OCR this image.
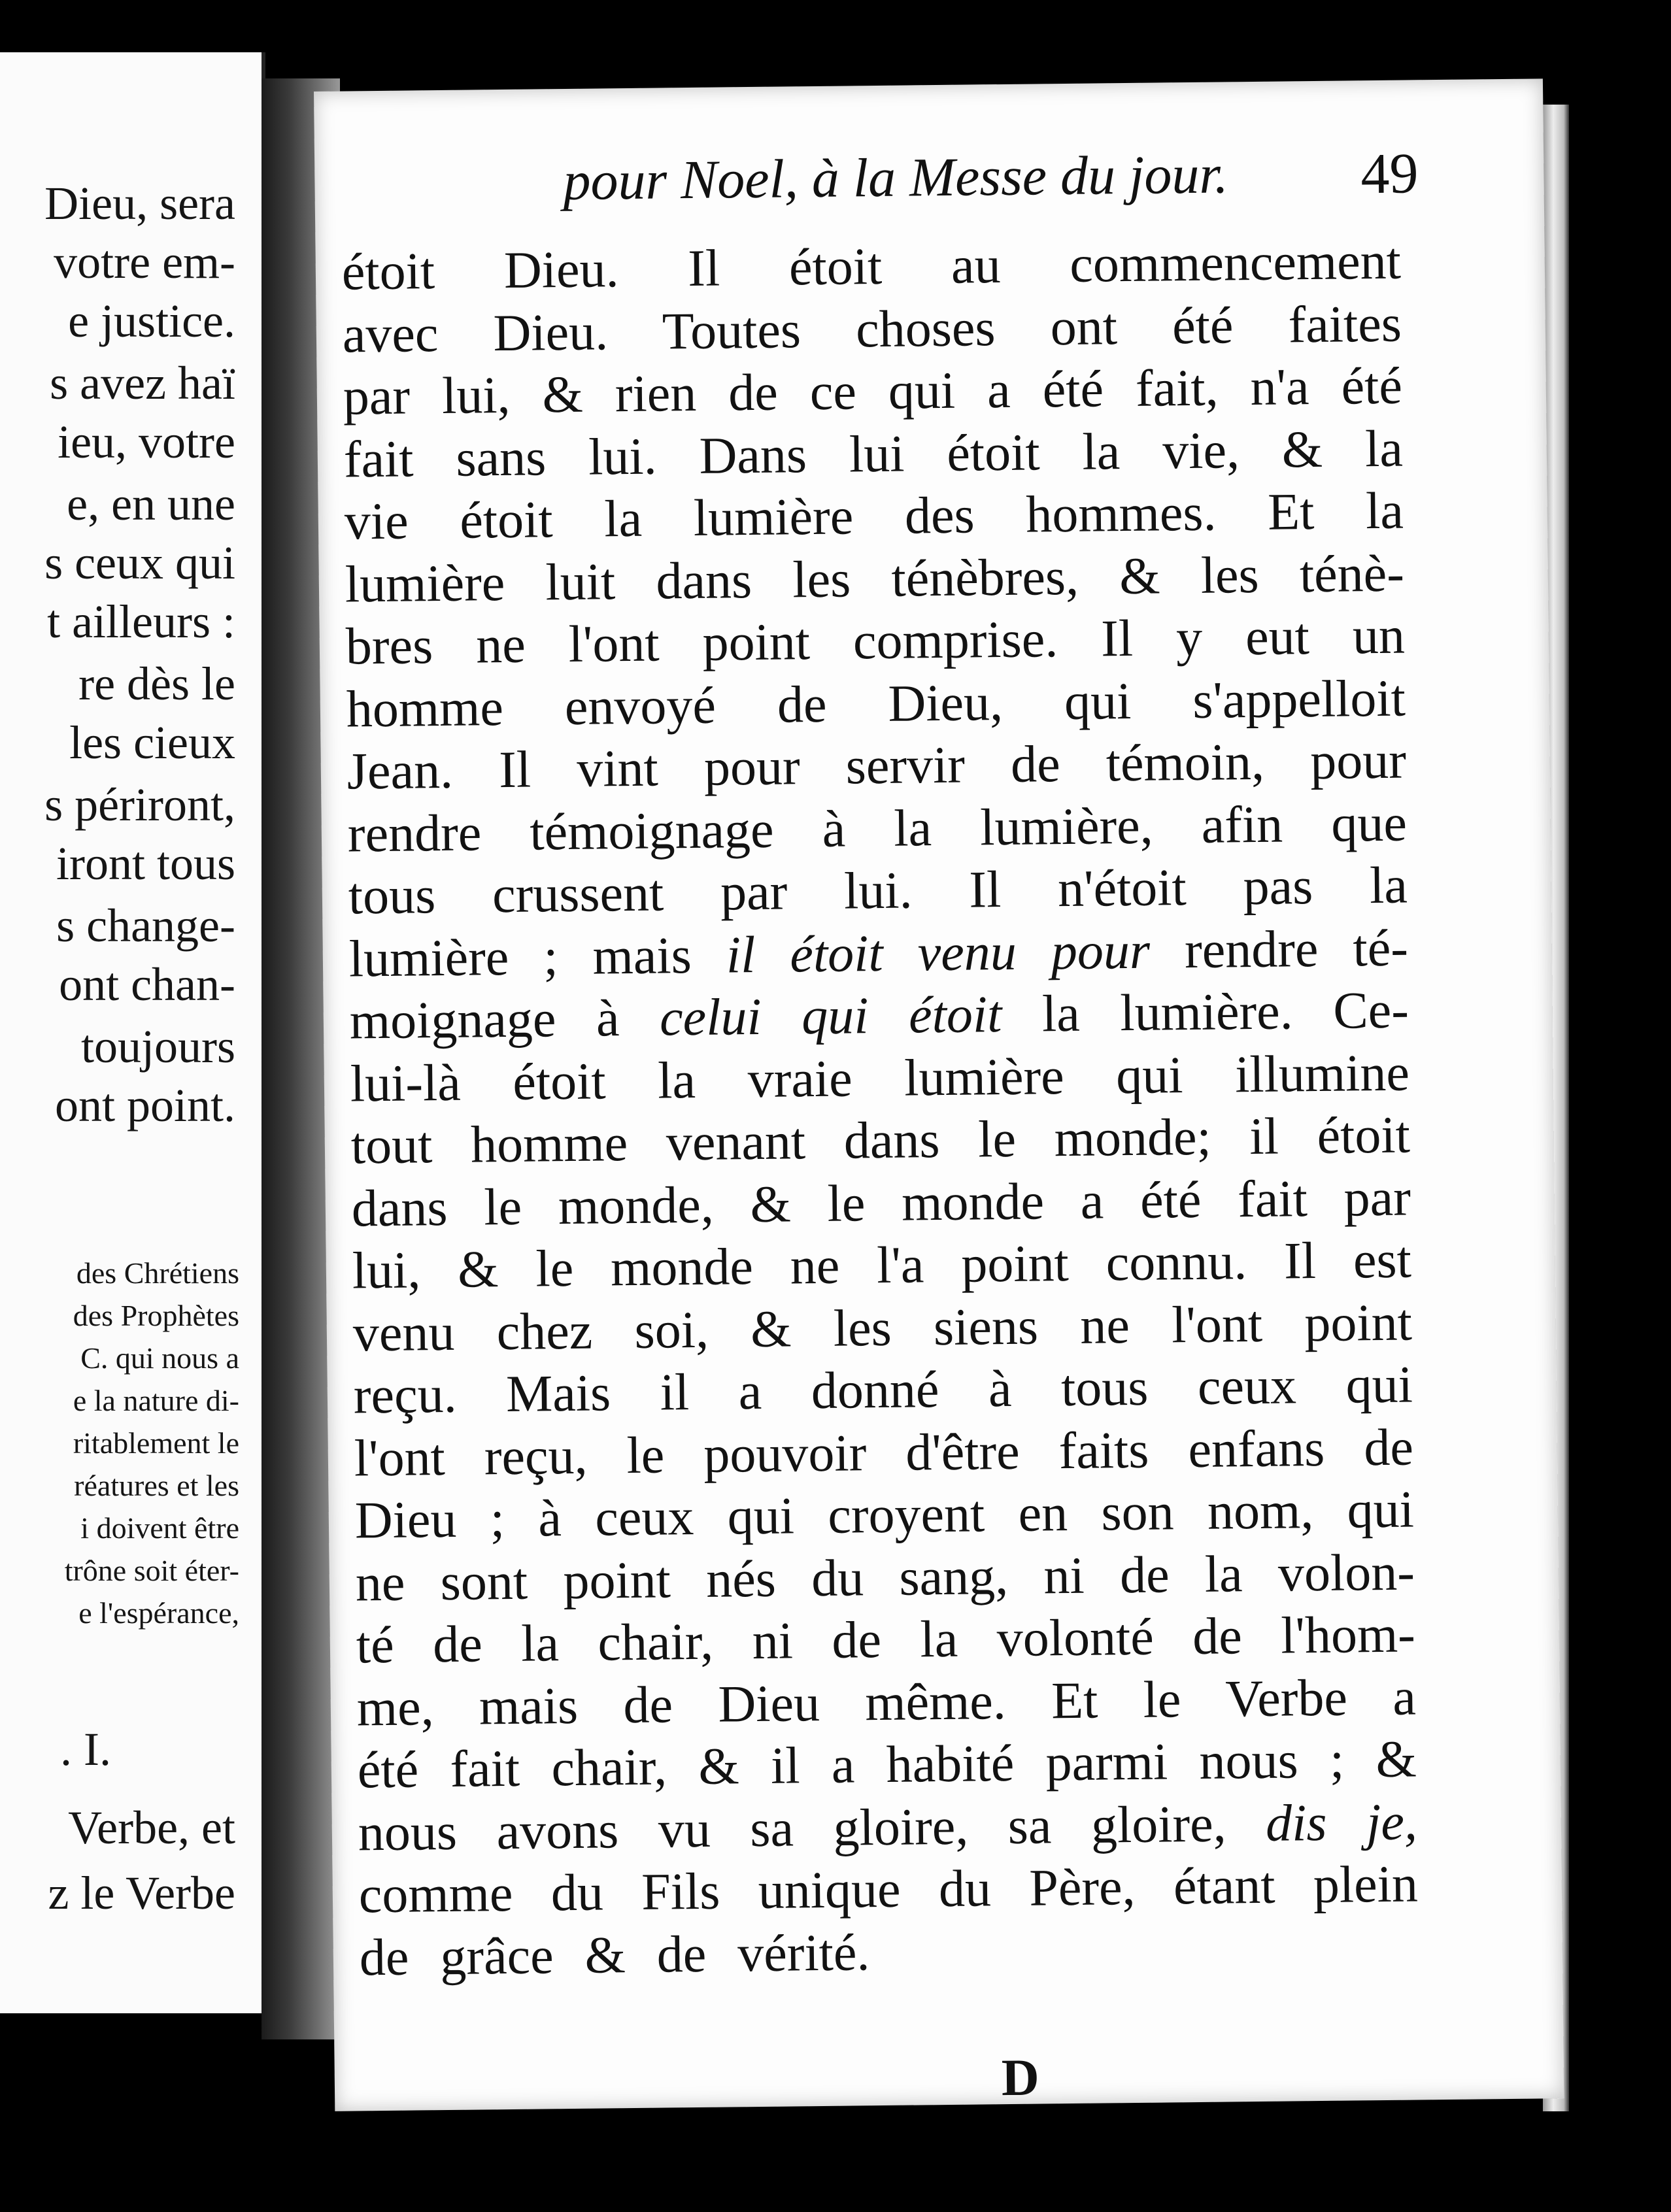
Dieu, sera
votre em-
e justice.
s avez haï
ieu, votre
e, en une
s ceux qui
t ailleurs :
re dès le
les cieux
s périront,
iront tous
s change-
ont chan-
toujours
ont point.
des Chrétiens
des Prophètes
C. qui nous a
e la nature di-
ritablement le
réatures et les
i doivent être
trône soit éter-
e l'espérance,
. I.
Verbe, et
z le Verbe
pour Noel, à la Messe du jour. 49
étoit Dieu. Il étoit au commencement
avec Dieu. Toutes choses ont été faites
par lui, & rien de ce qui a été fait, n'a été
fait sans lui. Dans lui étoit la vie, & la
vie étoit la lumière des hommes. Et la
lumière luit dans les ténèbres, & les ténè-
bres ne l'ont point comprise. Il y eut un
homme envoyé de Dieu, qui s'appelloit
Jean. Il vint pour servir de témoin, pour
rendre témoignage à la lumière, afin que
tous crussent par lui. Il n'étoit pas la
lumière ; mais il étoit venu pour rendre té-
moignage à celui qui étoit la lumière. Ce-
lui-là étoit la vraie lumière qui illumine
tout homme venant dans le monde; il étoit
dans le monde, & le monde a été fait par
lui, & le monde ne l'a point connu. Il est
venu chez soi, & les siens ne l'ont point
reçu. Mais il a donné à tous ceux qui
l'ont reçu, le pouvoir d'être faits enfans de
Dieu ; à ceux qui croyent en son nom, qui
ne sont point nés du sang, ni de la volon-
té de la chair, ni de la volonté de l'hom-
me, mais de Dieu même. Et le Verbe a
été fait chair, & il a habité parmi nous ; &
nous avons vu sa gloire, sa gloire, dis je,
comme du Fils unique du Père, étant plein
de grâce & de vérité.
D
